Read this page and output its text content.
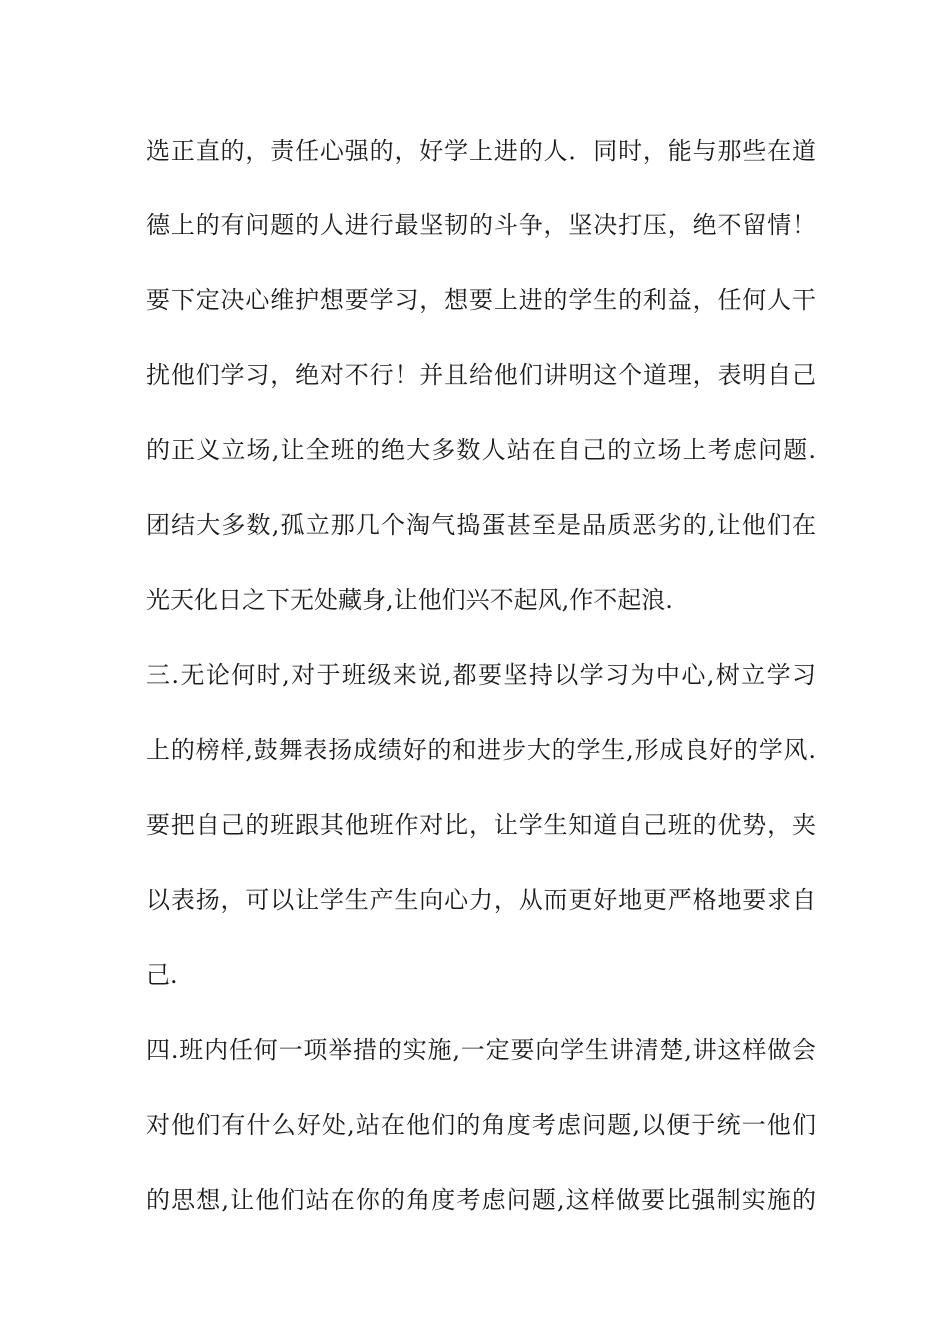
选正直的，责任心强的，好学上进的人．同时，能与那些在道
德上的有问题的人进行最坚韧的斗争，坚决打压，绝不留情！
要下定决心维护想要学习，想要上进的学生的利益，任何人干
扰他们学习，绝对不行！并且给他们讲明这个道理，表明自己
的正义立场,让全班的绝大多数人站在自己的立场上考虑问题.
团结大多数,孤立那几个淘气捣蛋甚至是品质恶劣的,让他们在
光天化日之下无处藏身,让他们兴不起风,作不起浪.
三.无论何时,对于班级来说,都要坚持以学习为中心,树立学习
上的榜样,鼓舞表扬成绩好的和进步大的学生,形成良好的学风.
要把自己的班跟其他班作对比，让学生知道自己班的优势，夹
以表扬，可以让学生产生向心力，从而更好地更严格地要求自
己.
四.班内任何一项举措的实施,一定要向学生讲清楚,讲这样做会
对他们有什么好处,站在他们的角度考虑问题,以便于统一他们
的思想,让他们站在你的角度考虑问题,这样做要比强制实施的
